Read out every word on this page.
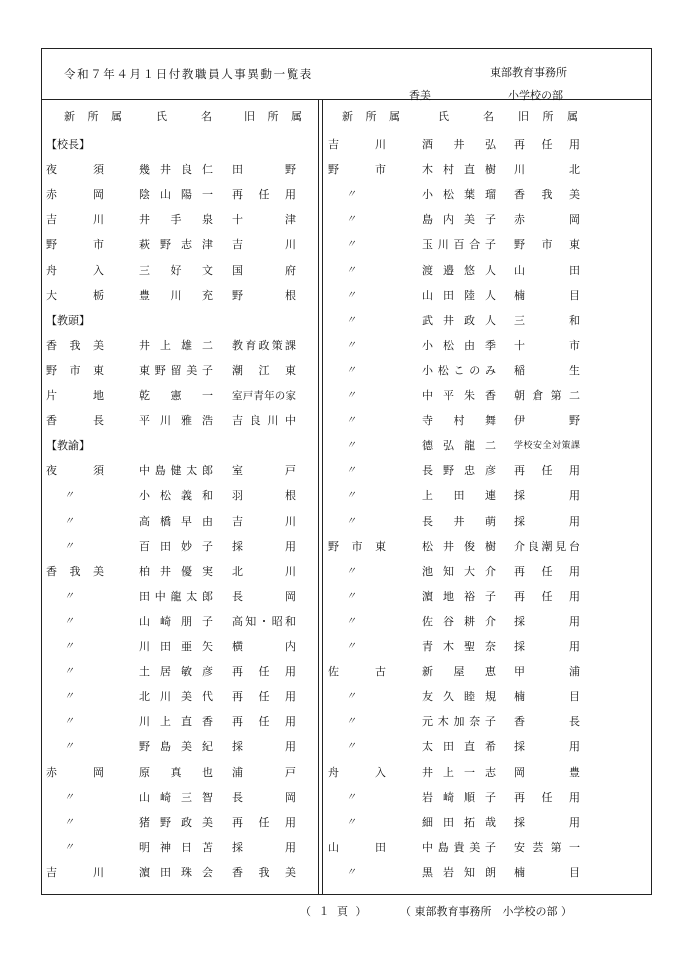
令和７年４月１日付教職員人事異動一覧表	東部教育事務所
香美	小学校の部
新所属	氏名	旧所属	新所属	氏名 旧所属
【校長】
夜須	幾井良仁 田野
赤岡	陰山陽一 再任用
吉川	井手泉 十津
野市	萩野志津 吉川
舟入	三好文 国府
大栃	豊川充 野根
【教頭】
香我美	井上雄二 教育政策課
野市東	東野留美子 潮江東
片地	乾憲一 室戸青年の家
香長	平川雅浩 吉良川中
【教諭】
夜須	中島健太郎 室戸
〃	小松義和 羽根
〃	高橋早由 吉川
〃	百田妙子 採用
香我美	柏井優実 北川
〃	田中龍太郎 長岡
〃	山崎朋子 高知・昭和
〃	川田亜矢 横内
〃	土居敏彦 再任用
〃	北川美代 再任用
〃	川上直香 再任用
〃	野島美紀 採用
赤岡	原真也 浦戸
〃	山崎三智 長岡
〃	猪野政美 再任用
〃	明神日苫 採用
吉川	濵田珠会 香我美
吉川	酒井弘 再任用
野市	木村直樹 川北
〃	小松葉瑠 香我美
〃	島内美子 赤岡
〃	玉川百合子 野市東
〃	渡邉悠人 山田
〃	山田陸人 楠目
〃	武井政人 三和
〃	小松由季 十市
〃	小松このみ 稲生
〃	中平朱香 朝倉第二
〃	寺村舞 伊野
〃	德弘龍二 学校安全対策課
〃	長野忠彦 再任用
〃	上田連 採用
〃	長井萌 採用
野市東	松井俊樹 介良潮見台
〃	池知大介 再任用
〃	濵地裕子 再任用
〃	佐谷耕介 採用
〃	青木聖奈 採用
佐古	新屋恵 甲浦
〃	友久睦規 楠目
〃	元木加奈子 香長
〃	太田直希 採用
舟入	井上一志 岡豊
〃	岩崎順子 再任用
〃	細田拓哉 採用
山田	中島貴美子 安芸第一
〃	黒岩知朗 楠目
（ １ 頁 ）	（ 東部教育事務所　小学校の部 ）
